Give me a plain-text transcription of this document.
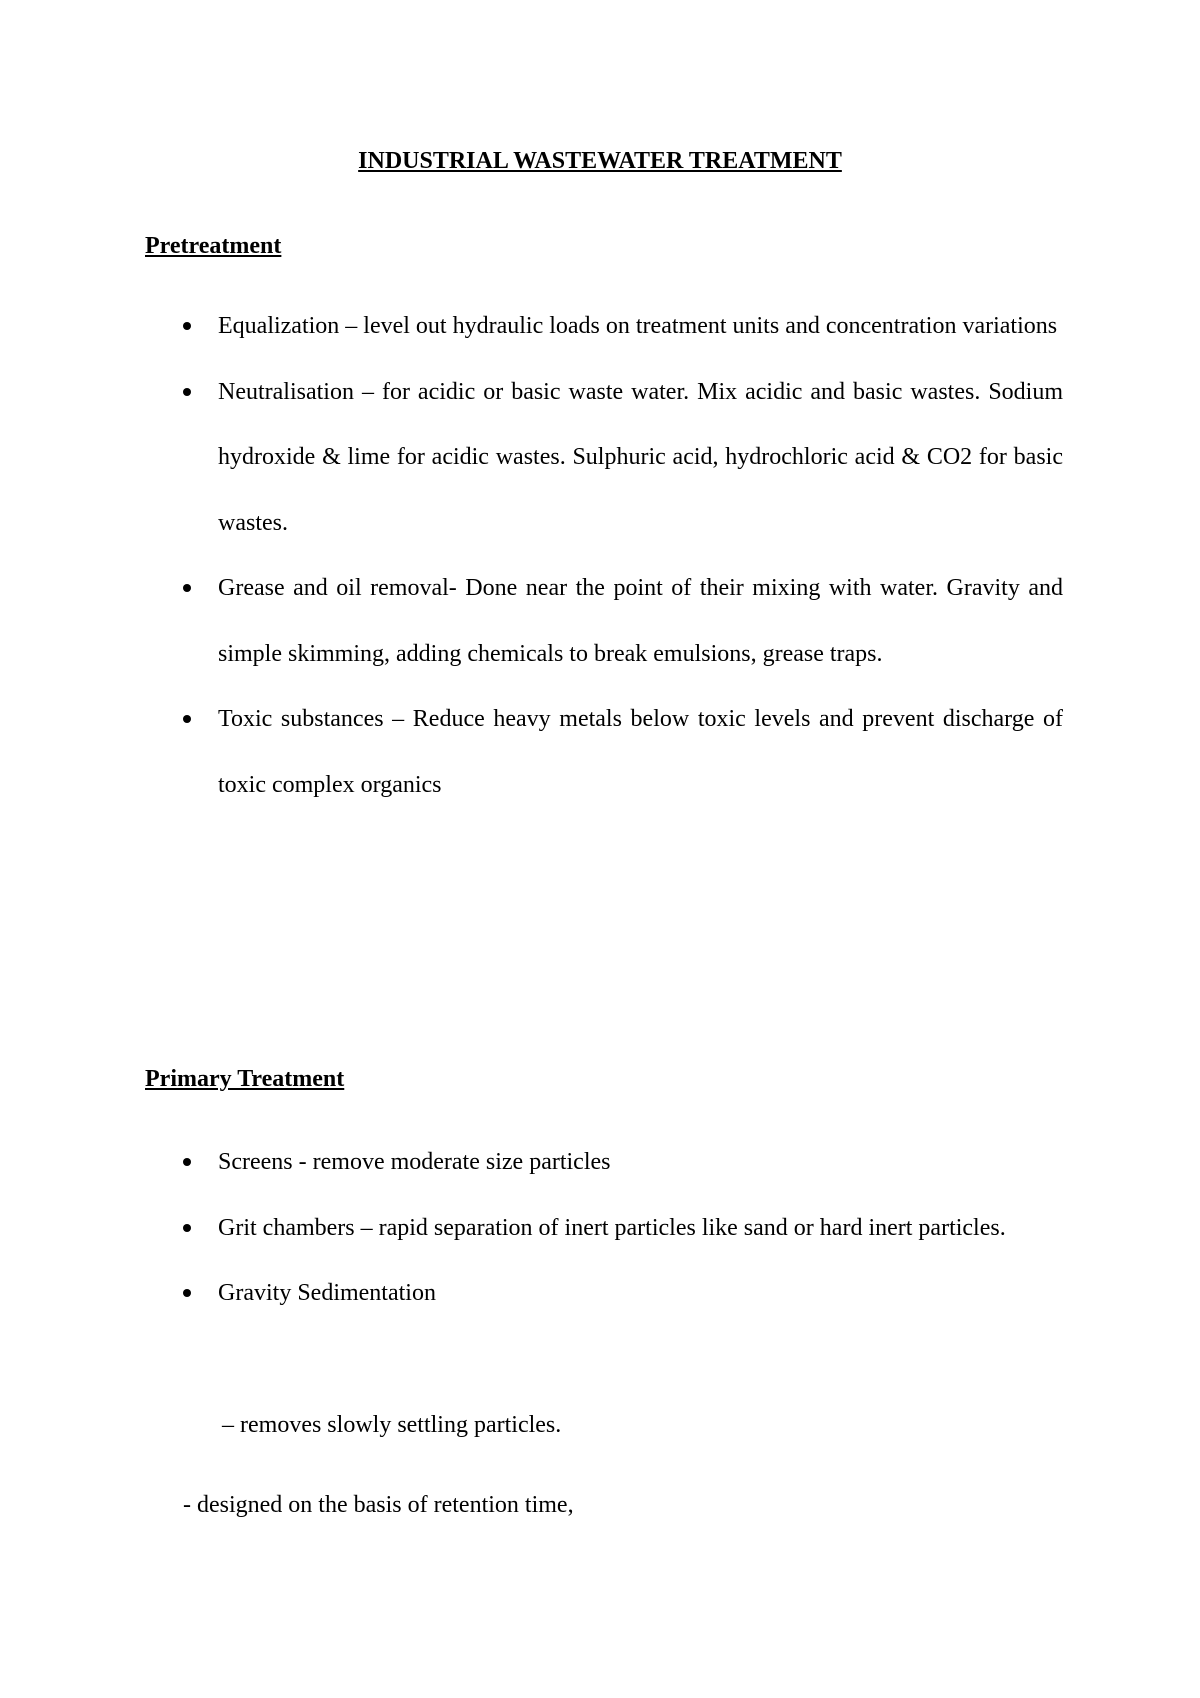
INDUSTRIAL WASTEWATER TREATMENT
Pretreatment
Equalization – level out hydraulic loads on treatment units and concentration variations
Neutralisation – for acidic or basic waste water. Mix acidic and basic wastes. Sodium hydroxide & lime for acidic wastes. Sulphuric acid, hydrochloric acid & CO2 for basic wastes.
Grease and oil removal- Done near the point of their mixing with water. Gravity and simple skimming, adding chemicals to break emulsions, grease traps.
Toxic substances – Reduce heavy metals below toxic levels and prevent discharge of toxic complex organics
Primary Treatment
Screens - remove moderate size particles
Grit chambers – rapid separation of inert particles like sand or hard inert particles.
Gravity Sedimentation

– removes slowly settling particles.

- designed on the basis of retention time,
